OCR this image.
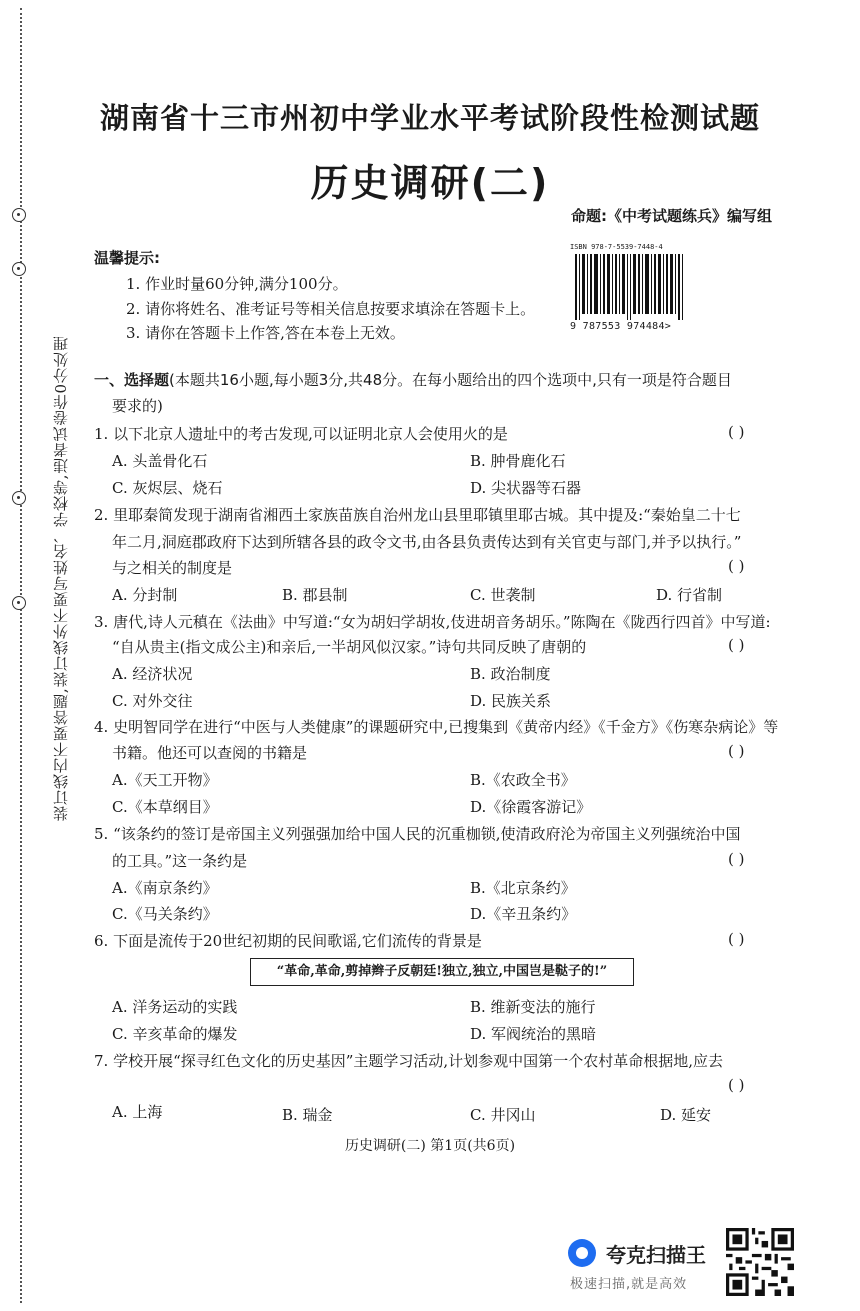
装订线内不要答题,装订线外不要写姓名、学校等,违者试卷作0分处理
湖南省十三市州初中学业水平考试阶段性检测试题
历史调研(二)
命题:《中考试题练兵》编写组
温馨提示:
1. 作业时量60分钟,满分100分。
2. 请你将姓名、准考证号等相关信息按要求填涂在答题卡上。
3. 请你在答题卡上作答,答在本卷上无效。
ISBN 978-7-5539-7448-4
9 787553 974484>
一、选择题(本题共16小题,每小题3分,共48分。在每小题给出的四个选项中,只有一项是符合题目
要求的)
1. 以下北京人遗址中的考古发现,可以证明北京人会使用火的是	( )
A. 头盖骨化石	B. 肿骨鹿化石
C. 灰烬层、烧石	D. 尖状器等石器
2. 里耶秦简发现于湖南省湘西土家族苗族自治州龙山县里耶镇里耶古城。其中提及:“秦始皇二十七
年二月,洞庭郡政府下达到所辖各县的政令文书,由各县负责传达到有关官吏与部门,并予以执行。”
与之相关的制度是	( )
A. 分封制	B. 郡县制	C. 世袭制	D. 行省制
3. 唐代,诗人元稹在《法曲》中写道:“女为胡妇学胡妆,伎进胡音务胡乐。”陈陶在《陇西行四首》中写道:
“自从贵主(指文成公主)和亲后,一半胡风似汉家。”诗句共同反映了唐朝的	( )
A. 经济状况	B. 政治制度
C. 对外交往	D. 民族关系
4. 史明智同学在进行“中医与人类健康”的课题研究中,已搜集到《黄帝内经》《千金方》《伤寒杂病论》等
书籍。他还可以查阅的书籍是	( )
A.《天工开物》	B.《农政全书》
C.《本草纲目》	D.《徐霞客游记》
5. “该条约的签订是帝国主义列强强加给中国人民的沉重枷锁,使清政府沦为帝国主义列强统治中国
的工具。”这一条约是	( )
A.《南京条约》	B.《北京条约》
C.《马关条约》	D.《辛丑条约》
6. 下面是流传于20世纪初期的民间歌谣,它们流传的背景是	( )
“革命,革命,剪掉辫子反朝廷!独立,独立,中国岂是鞑子的!”
A. 洋务运动的实践	B. 维新变法的施行
C. 辛亥革命的爆发	D. 军阀统治的黑暗
7. 学校开展“探寻红色文化的历史基因”主题学习活动,计划参观中国第一个农村革命根据地,应去
( )
A. 上海	B. 瑞金	C. 井冈山	D. 延安
历史调研(二) 第1页(共6页)
夸克扫描王
极速扫描,就是高效
